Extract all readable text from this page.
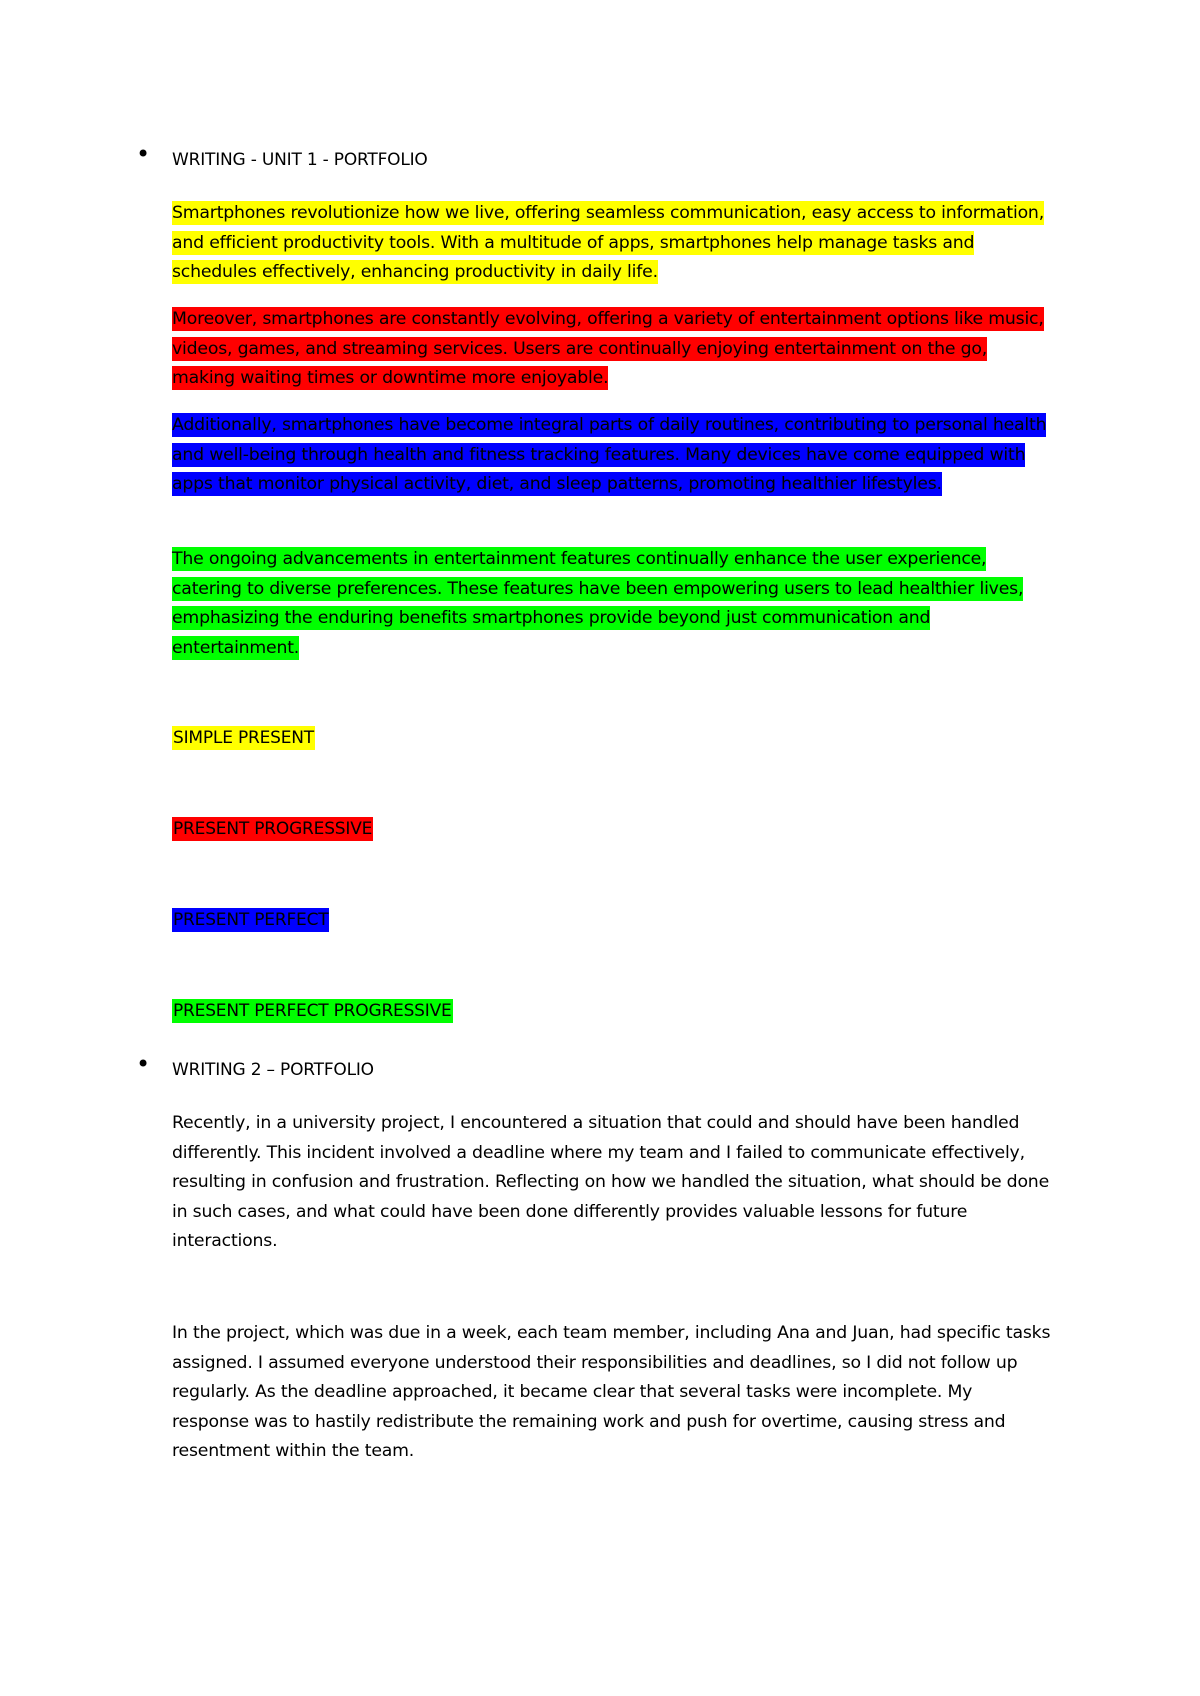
• WRITING - UNIT 1 - PORTFOLIO

Smartphones revolutionize how we live, offering seamless communication, easy access to information, and efficient productivity tools. With a multitude of apps, smartphones help manage tasks and schedules effectively, enhancing productivity in daily life.

Moreover, smartphones are constantly evolving, offering a variety of entertainment options like music, videos, games, and streaming services. Users are continually enjoying entertainment on the go, making waiting times or downtime more enjoyable.

Additionally, smartphones have become integral parts of daily routines, contributing to personal health and well-being through health and fitness tracking features. Many devices have come equipped with apps that monitor physical activity, diet, and sleep patterns, promoting healthier lifestyles.

The ongoing advancements in entertainment features continually enhance the user experience, catering to diverse preferences. These features have been empowering users to lead healthier lives, emphasizing the enduring benefits smartphones provide beyond just communication and entertainment.

SIMPLE PRESENT
PRESENT PROGRESSIVE
PRESENT PERFECT
PRESENT PERFECT PROGRESSIVE
• WRITING 2 – PORTFOLIO

Recently, in a university project, I encountered a situation that could and should have been handled differently. This incident involved a deadline where my team and I failed to communicate effectively, resulting in confusion and frustration. Reflecting on how we handled the situation, what should be done in such cases, and what could have been done differently provides valuable lessons for future interactions.

In the project, which was due in a week, each team member, including Ana and Juan, had specific tasks assigned. I assumed everyone understood their responsibilities and deadlines, so I did not follow up regularly. As the deadline approached, it became clear that several tasks were incomplete. My response was to hastily redistribute the remaining work and push for overtime, causing stress and resentment within the team.
